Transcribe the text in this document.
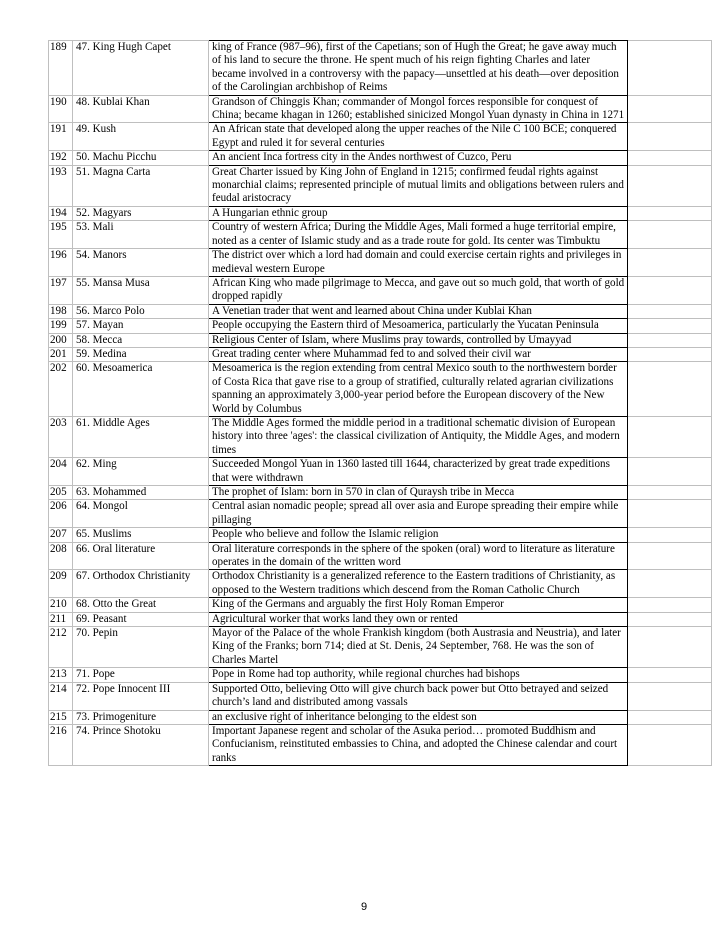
189	47. King Hugh Capet	king of France (987–96), first of the Capetians; son of Hugh the Great; he gave away much of his land to secure the throne. He spent much of his reign fighting Charles and later became involved in a controversy with the papacy—unsettled at his death—over deposition of the Carolingian archbishop of Reims	
190	48. Kublai Khan	Grandson of Chinggis Khan; commander of Mongol forces responsible for conquest of China; became khagan in 1260; established sinicized Mongol Yuan dynasty in China in 1271	
191	49. Kush	An African state that developed along the upper reaches of the Nile C 100 BCE; conquered Egypt and ruled it for several centuries	
192	50. Machu Picchu	An ancient Inca fortress city in the Andes northwest of Cuzco, Peru	
193	51. Magna Carta	Great Charter issued by King John of England in 1215; confirmed feudal rights against monarchial claims; represented principle of mutual limits and obligations between rulers and feudal aristocracy	
194	52. Magyars	A Hungarian ethnic group	
195	53. Mali	Country of western Africa; During the Middle Ages, Mali formed a huge territorial empire, noted as a center of Islamic study and as a trade route for gold. Its center was Timbuktu	
196	54. Manors	The district over which a lord had domain and could exercise certain rights and privileges in medieval western Europe	
197	55. Mansa Musa	African King who made pilgrimage to Mecca, and gave out so much gold, that worth of gold dropped rapidly	
198	56. Marco Polo	A Venetian trader that went and learned about China under Kublai Khan	
199	57. Mayan	People occupying the Eastern third of Mesoamerica, particularly the Yucatan Peninsula	
200	58. Mecca	Religious Center of Islam, where Muslims pray towards, controlled by Umayyad	
201	59. Medina	Great trading center where Muhammad fed to and solved their civil war	
202	60. Mesoamerica	Mesoamerica is the region extending from central Mexico south to the northwestern border of Costa Rica that gave rise to a group of stratified, culturally related agrarian civilizations spanning an approximately 3,000-year period before the European discovery of the New World by Columbus	
203	61. Middle Ages	The Middle Ages formed the middle period in a traditional schematic division of European history into three 'ages': the classical civilization of Antiquity, the Middle Ages, and modern times	
204	62. Ming	Succeeded Mongol Yuan in 1360 lasted till 1644, characterized by great trade expeditions that were withdrawn	
205	63. Mohammed	The prophet of Islam: born in 570 in clan of Quraysh tribe in Mecca	
206	64. Mongol	Central asian nomadic people; spread all over asia and Europe spreading their empire while pillaging	
207	65. Muslims	People who believe and follow the Islamic religion	
208	66. Oral literature	Oral literature corresponds in the sphere of the spoken (oral) word to literature as literature operates in the domain of the written word	
209	67. Orthodox Christianity	Orthodox Christianity is a generalized reference to the Eastern traditions of Christianity, as opposed to the Western traditions which descend from the Roman Catholic Church	
210	68. Otto the Great	King of the Germans and arguably the first Holy Roman Emperor	
211	69. Peasant	Agricultural worker that works land they own or rented	
212	70. Pepin	Mayor of the Palace of the whole Frankish kingdom (both Austrasia and Neustria), and later King of the Franks; born 714; died at St. Denis, 24 September, 768. He was the son of Charles Martel	
213	71. Pope	Pope in Rome had top authority, while regional churches had bishops	
214	72. Pope Innocent III	Supported Otto, believing Otto will give church back power but Otto betrayed and seized church’s land and distributed among vassals	
215	73. Primogeniture	an exclusive right of inheritance belonging to the eldest son	
216	74. Prince Shotoku	Important Japanese regent and scholar of the Asuka period… promoted Buddhism and Confucianism, reinstituted embassies to China, and adopted the Chinese calendar and court ranks	
9
